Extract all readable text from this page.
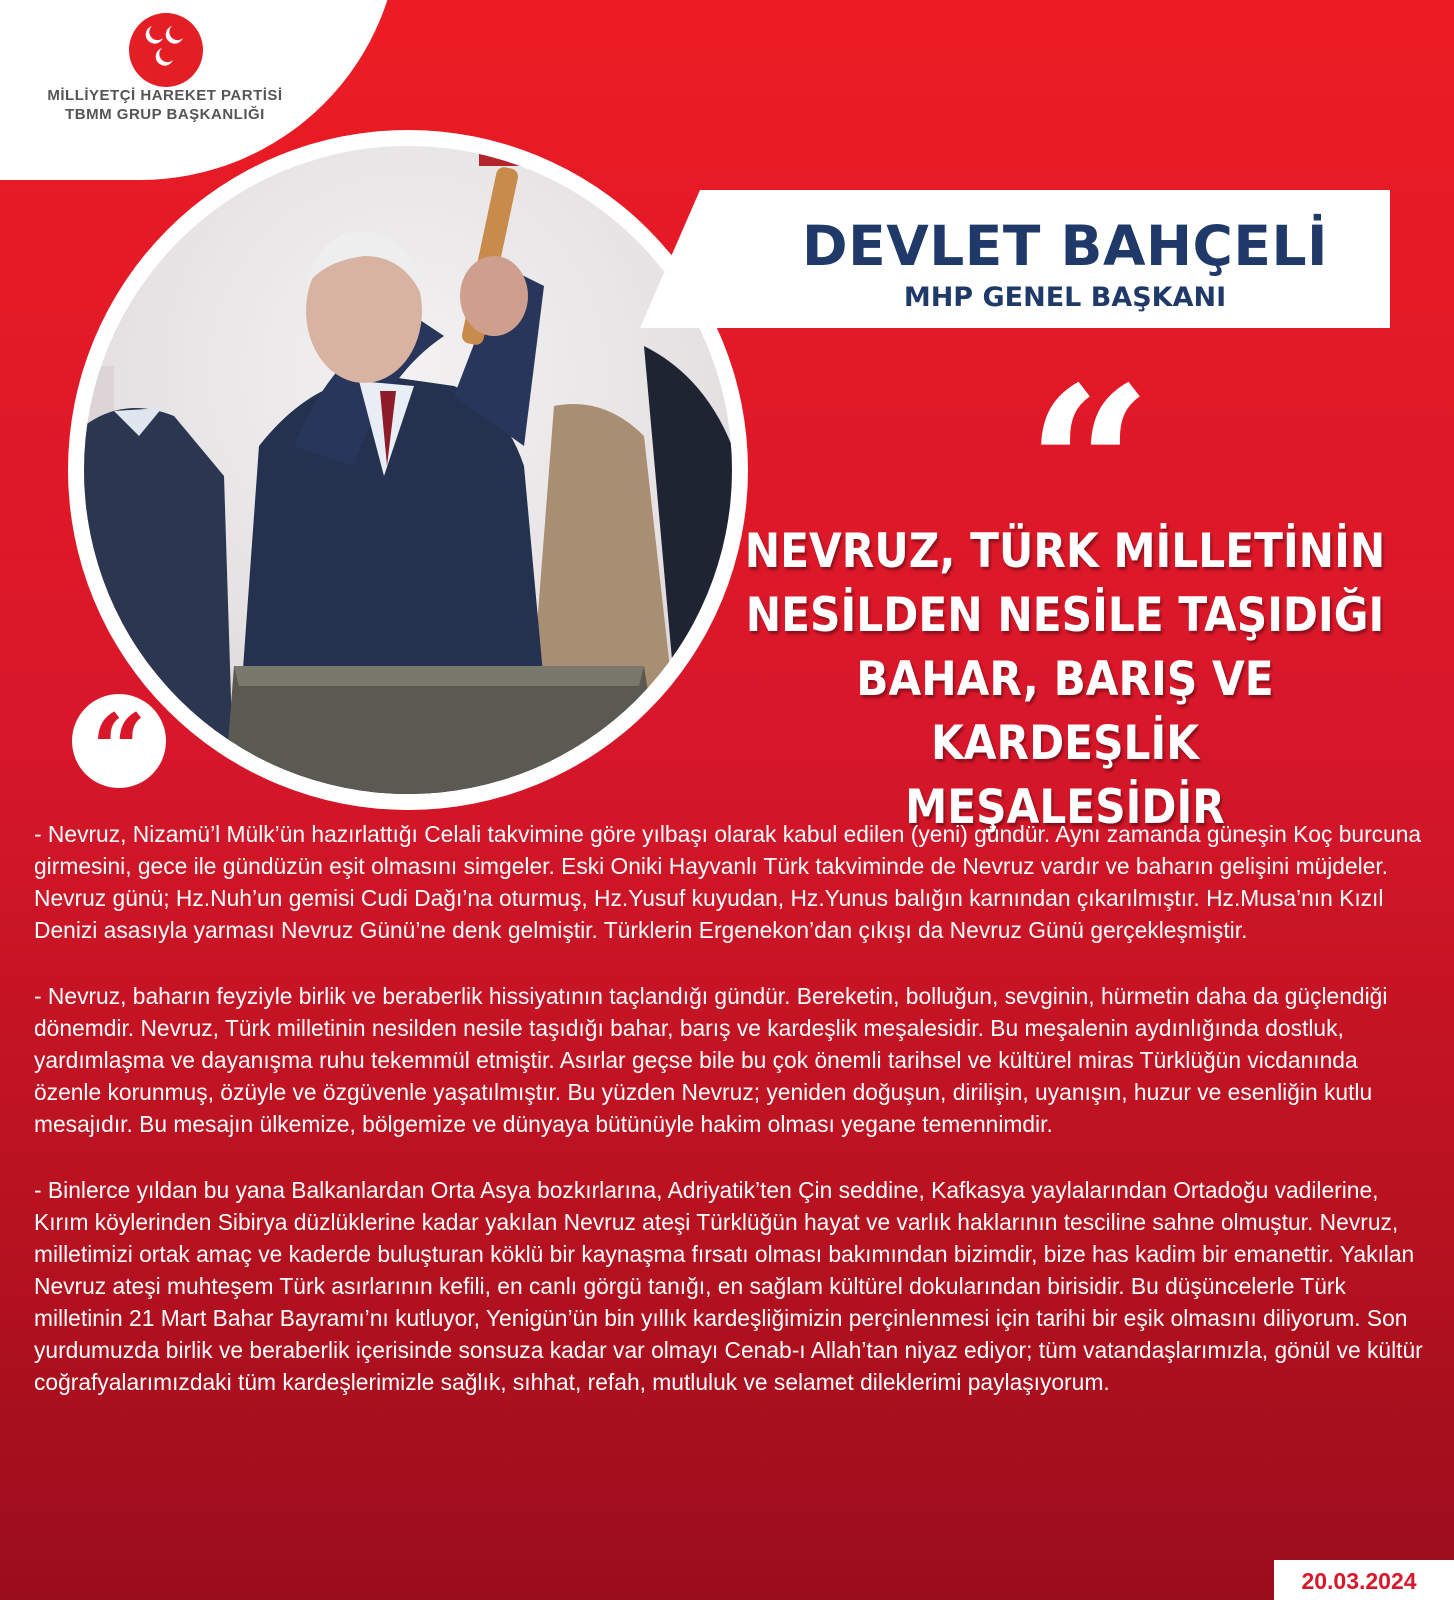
MİLLİYETÇİ HAREKET PARTİSİ
TBMM GRUP BAŞKANLIĞI
DEVLET BAHÇELİ
MHP GENEL BAŞKANI
“
NEVRUZ, TÜRK MİLLETİNİN
NESİLDEN NESİLE TAŞIDIĞI
BAHAR, BARIŞ VE KARDEŞLİK
MEŞALESİDİR
“

- Nevruz, Nizamü’l Mülk’ün hazırlattığı Celali takvimine göre yılbaşı olarak kabul edilen (yeni) gündür. Aynı zamanda güneşin Koç burcuna girmesini, gece ile gündüzün eşit olmasını simgeler. Eski Oniki Hayvanlı Türk takviminde de Nevruz vardır ve baharın gelişini müjdeler. Nevruz günü; Hz.Nuh’un gemisi Cudi Dağı’na oturmuş, Hz.Yusuf kuyudan, Hz.Yunus balığın karnından çıkarılmıştır. Hz.Musa’nın Kızıl Denizi asasıyla yarması Nevruz Günü’ne denk gelmiştir. Türklerin Ergenekon’dan çıkışı da Nevruz Günü gerçekleşmiştir.

- Nevruz, baharın feyziyle birlik ve beraberlik hissiyatının taçlandığı gündür. Bereketin, bolluğun, sevginin, hürmetin daha da güçlendiği dönemdir. Nevruz, Türk milletinin nesilden nesile taşıdığı bahar, barış ve kardeşlik meşalesidir. Bu meşalenin aydınlığında dostluk, yardımlaşma ve dayanışma ruhu tekemmül etmiştir. Asırlar geçse bile bu çok önemli tarihsel ve kültürel miras Türklüğün vicdanında özenle korunmuş, özüyle ve özgüvenle yaşatılmıştır. Bu yüzden Nevruz; yeniden doğuşun, dirilişin, uyanışın, huzur ve esenliğin kutlu mesajıdır. Bu mesajın ülkemize, bölgemize ve dünyaya bütünüyle hakim olması yegane temennimdir.

- Binlerce yıldan bu yana Balkanlardan Orta Asya bozkırlarına, Adriyatik’ten Çin seddine, Kafkasya yaylalarından Ortadoğu vadilerine, Kırım köylerinden Sibirya düzlüklerine kadar yakılan Nevruz ateşi Türklüğün hayat ve varlık haklarının tesciline sahne olmuştur. Nevruz, milletimizi ortak amaç ve kaderde buluşturan köklü bir kaynaşma fırsatı olması bakımından bizimdir, bize has kadim bir emanettir. Yakılan Nevruz ateşi muhteşem Türk asırlarının kefili, en canlı görgü tanığı, en sağlam kültürel dokularından birisidir. Bu düşüncelerle Türk milletinin 21 Mart Bahar Bayramı’nı kutluyor, Yenigün’ün bin yıllık kardeşliğimizin perçinlenmesi için tarihi bir eşik olmasını diliyorum. Son yurdumuzda birlik ve beraberlik içerisinde sonsuza kadar var olmayı Cenab-ı Allah’tan niyaz ediyor; tüm vatandaşlarımızla, gönül ve kültür coğrafyalarımızdaki tüm kardeşlerimizle sağlık, sıhhat, refah, mutluluk ve selamet dileklerimi paylaşıyorum.

20.03.2024
